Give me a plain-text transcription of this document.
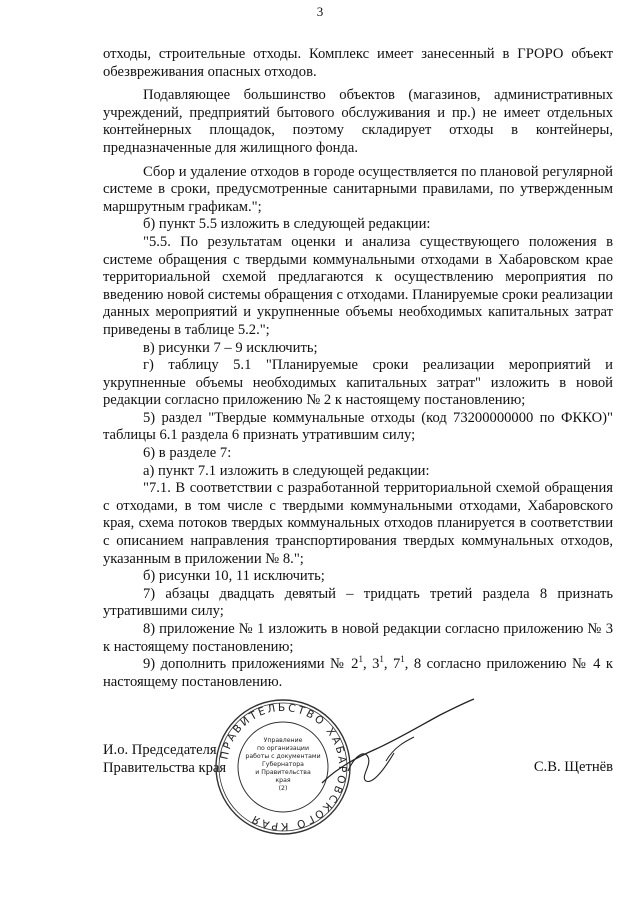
3

отходы, строительные отходы. Комплекс имеет занесенный в ГРОРО объект обезвреживания опасных отходов.

Подавляющее большинство объектов (магазинов, административных учреждений, предприятий бытового обслуживания и пр.) не имеет отдельных контейнерных площадок, поэтому складирует отходы в контейнеры, предназначенные для жилищного фонда.

Сбор и удаление отходов в городе осуществляется по плановой регулярной системе в сроки, предусмотренные санитарными правилами, по утвержденным маршрутным графикам.";

б) пункт 5.5 изложить в следующей редакции:

"5.5. По результатам оценки и анализа существующего положения в системе обращения с твердыми коммунальными отходами в Хабаровском крае территориальной схемой предлагаются к осуществлению мероприятия по введению новой системы обращения с отходами. Планируемые сроки реализации данных мероприятий и укрупненные объемы необходимых капитальных затрат приведены в таблице 5.2.";

в) рисунки 7 – 9 исключить;

г) таблицу 5.1 "Планируемые сроки реализации мероприятий и укрупненные объемы необходимых капитальных затрат" изложить в новой редакции согласно приложению № 2 к настоящему постановлению;

5) раздел "Твердые коммунальные отходы (код 73200000000 по ФККО)" таблицы 6.1 раздела 6 признать утратившим силу;

6) в разделе 7:

а) пункт 7.1 изложить в следующей редакции:

"7.1. В соответствии с разработанной территориальной схемой обращения с отходами, в том числе с твердыми коммунальными отходами, Хабаровского края, схема потоков твердых коммунальных отходов планируется в соответствии с описанием направления транспортирования твердых коммунальных отходов, указанным в приложении № 8.";

б) рисунки 10, 11 исключить;

7) абзацы двадцать девятый – тридцать третий раздела 8 признать утратившими силу;

8) приложение № 1 изложить в новой редакции согласно приложению № 3 к настоящему постановлению;

9) дополнить приложениями № $2^1$, $3^1$, $7^1$, 8 согласно приложению № 4 к настоящему постановлению.

И.о. Председателя
Правительства края	С.В. Щетнёв
ПРАВИТЕЛЬСТВО ХАБАРОВСКОГО КРАЯ
Управление
по организации
работы с документами
Губернатора
и Правительства
края
(2)
